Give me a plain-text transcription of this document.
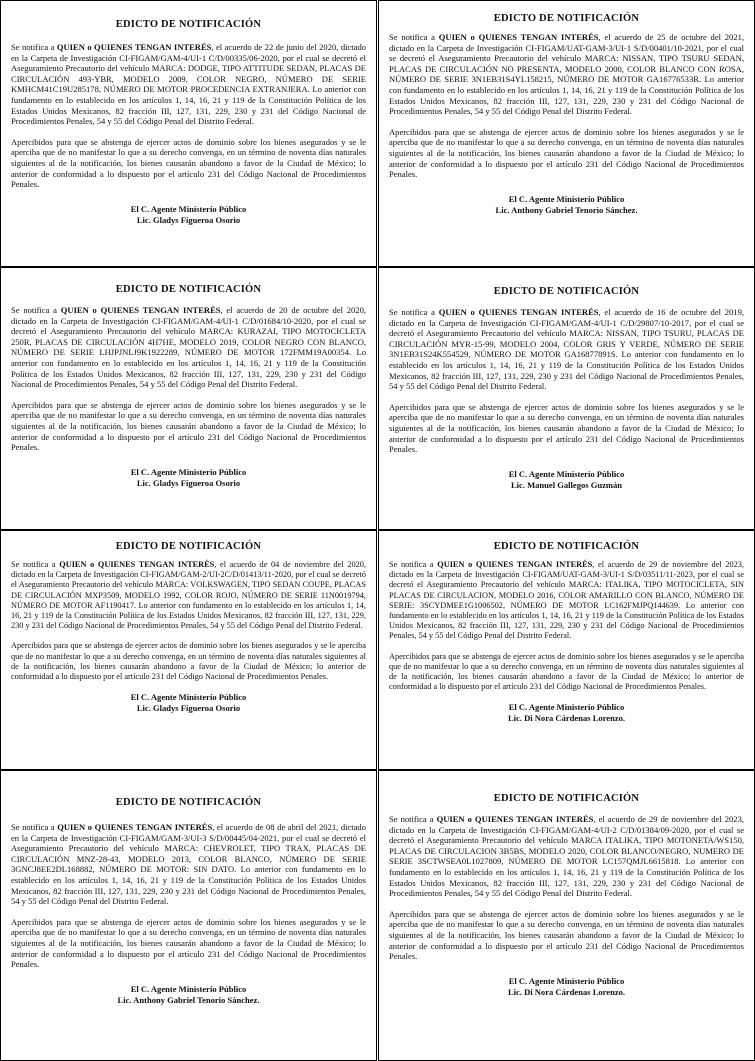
EDICTO DE NOTIFICACIÓN

Se notifica a QUIEN o QUIENES TENGAN INTERÉS, el acuerdo de 22 de junio del 2020, dictado en la Carpeta de Investigación CI-FIGAM/GAM-4/UI-1 C/D/00335/06-2020, por el cual se decretó el Aseguramiento Precautorio del vehículo MARCA: DODGE, TIPO ATTITUDE SEDAN, PLACAS DE CIRCULACIÓN 493-YBR, MODELO 2009, COLOR NEGRO, NÚMERO DE SERIE KMHCM41C19U285178, NÚMERO DE MOTOR PROCEDENCIA EXTRANJERA. Lo anterior con fundamento en lo establecido en los artículos 1, 14, 16, 21 y 119 de la Constitución Política de los Estados Unidos Mexicanos, 82 fracción III, 127, 131, 229, 230 y 231 del Código Nacional de Procedimientos Penales, 54 y 55 del Código Penal del Distrito Federal.

Apercibidos para que se abstenga de ejercer actos de dominio sobre los bienes asegurados y se le aperciba que de no manifestar lo que a su derecho convenga, en un término de noventa días naturales siguientes al de la notificación, los bienes causarán abandono a favor de la Ciudad de México; lo anterior de conformidad a lo dispuesto por el artículo 231 del Código Nacional de Procedimientos Penales.

El C. Agente Ministerio Público
Lic. Gladys Figueroa Osorio
EDICTO DE NOTIFICACIÓN

Se notifica a QUIEN o QUIENES TENGAN INTERÉS, el acuerdo de 25 de octubre del 2021, dictado en la Carpeta de Investigación CI-FIGAM/UAT-GAM-3/UI-1 S/D/00401/10-2021, por el cual se decretó el Aseguramiento Precautorio del vehículo MARCA: NISSAN, TIPO TSURU SEDAN, PLACAS DE CIRCULACIÓN NO PRESENTA, MODELO 2000, COLOR BLANCO CON ROSA, NÚMERO DE SERIE 3N1EB31S4YL158215, NÚMERO DE MOTOR GA16776533R. Lo anterior con fundamento en lo establecido en los artículos 1, 14, 16, 21 y 119 de la Constitución Política de los Estados Unidos Mexicanos, 82 fracción III, 127, 131, 229, 230 y 231 del Código Nacional de Procedimientos Penales, 54 y 55 del Código Penal del Distrito Federal.

Apercibidos para que se abstenga de ejercer actos de dominio sobre los bienes asegurados y se le aperciba que de no manifestar lo que a su derecho convenga, en un término de noventa días naturales siguientes al de la notificación, los bienes causarán abandono a favor de la Ciudad de México; lo anterior de conformidad a lo dispuesto por el artículo 231 del Código Nacional de Procedimientos Penales.

El C. Agente Ministerio Público
Lic. Anthony Gabriel Tenorio Sánchez.
EDICTO DE NOTIFICACIÓN

Se notifica a QUIEN o QUIENES TENGAN INTERÉS, el acuerdo de 20 de octubre del 2020, dictado en la Carpeta de Investigación CI-FIGAM/GAM-4/UI-1 C/D/01684/10-2020, por el cual se decretó el Aseguramiento Precautorio del vehículo MARCA: KURAZAI, TIPO MOTOCICLETA 250R, PLACAS DE CIRCULACIÓN 4H7HE, MODELO 2019, COLOR NEGRO CON BLANCO, NÚMERO DE SERIE LHJPJNLJ9K1922289, NÚMERO DE MOTOR 172FMM19A00354. Lo anterior con fundamento en lo establecido en los artículos 1, 14, 16, 21 y 119 de la Constitución Política de los Estados Unidos Mexicanos, 82 fracción III, 127, 131, 229, 230 y 231 del Código Nacional de Procedimientos Penales, 54 y 55 del Código Penal del Distrito Federal.

Apercibidos para que se abstenga de ejercer actos de dominio sobre los bienes asegurados y se le aperciba que de no manifestar lo que a su derecho convenga, en un término de noventa días naturales siguientes al de la notificación, los bienes causarán abandono a favor de la Ciudad de México; lo anterior de conformidad a lo dispuesto por el artículo 231 del Código Nacional de Procedimientos Penales.

El C. Agente Ministerio Público
Lic. Gladys Figueroa Osorio
EDICTO DE NOTIFICACIÓN

Se notifica a QUIEN o QUIENES TENGAN INTERÉS, el acuerdo de 16 de octubre del 2019, dictado en la Carpeta de Investigación CI-FIGAM/GAM-4/UI-1 C/D/29807/10-2017, por el cual se decretó el Aseguramiento Precautorio del vehículo MARCA: NISSAN, TIPO TSURU, PLACAS DE CIRCULACIÓN MYR-15-99, MODELO 2004, COLOR GRIS Y VERDE, NÚMERO DE SERIE 3N1EB31S24K554529, NÚMERO DE MOTOR GA16877891S. Lo anterior con fundamento en lo establecido en los artículos 1, 14, 16, 21 y 119 de la Constitución Política de los Estados Unidos Mexicanos, 82 fracción III, 127, 131, 229, 230 y 231 del Código Nacional de Procedimientos Penales, 54 y 55 del Código Penal del Distrito Federal.

Apercibidos para que se abstenga de ejercer actos de dominio sobre los bienes asegurados y se le aperciba que de no manifestar lo que a su derecho convenga, en un término de noventa días naturales siguientes al de la notificación, los bienes causarán abandono a favor de la Ciudad de México; lo anterior de conformidad a lo dispuesto por el artículo 231 del Código Nacional de Procedimientos Penales.

El C. Agente Ministerio Público
Lic. Manuel Gallegos Guzmán
EDICTO DE NOTIFICACIÓN

Se notifica a QUIEN o QUIENES TENGAN INTERÉS, el acuerdo de 04 de noviembre del 2020, dictado en la Carpeta de Investigación CI-FIGAM/GAM-2/UI-2C/D/01413/11-2020, por el cual se decretó el Aseguramiento Precautorio del vehículo MARCA: VOLKSWAGEN, TIPO SEDAN COUPE, PLACAS DE CIRCULACIÓN MXP3509, MODELO 1992, COLOR ROJO, NÚMERO DE SERIE 11N0019794, NÚMERO DE MOTOR AF1190417. Lo anterior con fundamento en lo establecido en los artículos 1, 14, 16, 21 y 119 de la Constitución Política de los Estados Unidos Mexicanos, 82 fracción III, 127, 131, 229, 230 y 231 del Código Nacional de Procedimientos Penales, 54 y 55 del Código Penal del Distrito Federal.

Apercibidos para que se abstenga de ejercer actos de dominio sobre los bienes asegurados y se le aperciba que de no manifestar lo que a su derecho convenga, en un término de noventa días naturales siguientes al de la notificación, los bienes causarán abandono a favor de la Ciudad de México; lo anterior de conformidad a lo dispuesto por el artículo 231 del Código Nacional de Procedimientos Penales.

El C. Agente Ministerio Público
Lic. Gladys Figueroa Osorio
EDICTO DE NOTIFICACIÓN

Se notifica a QUIEN o QUIENES TENGAN INTERÉS, el acuerdo de 29 de noviembre del 2023, dictado en la Carpeta de Investigación CI-FIGAM/UAT-GAM-3/UI-1 S/D/03511/11-2023, por el cual se decretó el Aseguramiento Precautorio del vehículo MARCA: ITALIKA, TIPO MOTOCICLETA, SIN PLACAS DE CIRCULACION, MODELO 2016, COLOR AMARILLO CON BLANCO, NÚMERO DE SERIE: 3SCYDMEE1G1006502, NÚMERO DE MOTOR LC162FMJPQ144639. Lo anterior con fundamento en lo establecido en los artículos 1, 14, 16, 21 y 119 de la Constitución Política de los Estados Unidos Mexicanos, 82 fracción III, 127, 131, 229, 230 y 231 del Código Nacional de Procedimientos Penales, 54 y 55 del Código Penal del Distrito Federal.

Apercibidos para que se abstenga de ejercer actos de dominio sobre los bienes asegurados y se le aperciba que de no manifestar lo que a su derecho convenga, en un término de noventa días naturales siguientes al de la notificación, los bienes causarán abandono a favor de la Ciudad de México; lo anterior de conformidad a lo dispuesto por el artículo 231 del Código Nacional de Procedimientos Penales.

El C. Agente Ministerio Público
Lic. Di Nora Cárdenas Lorenzo.
EDICTO DE NOTIFICACIÓN

Se notifica a QUIEN o QUIENES TENGAN INTERÉS, el acuerdo de 08 de abril del 2021, dictado en la Carpeta de Investigación CI-FIGAM/GAM-3/UI-3 S/D/00445/04-2021, por el cual se decretó el Aseguramiento Precautorio del vehículo MARCA: CHEVROLET, TIPO TRAX, PLACAS DE CIRCULACIÓN MNZ-28-43, MODELO 2013, COLOR BLANCO, NÚMERO DE SERIE 3GNCJ8EE2DL168882, NÚMERO DE MOTOR: SIN DATO. Lo anterior con fundamento en lo establecido en los artículos 1, 14, 16, 21 y 119 de la Constitución Política de los Estados Unidos Mexicanos, 82 fracción III, 127, 131, 229, 230 y 231 del Código Nacional de Procedimientos Penales, 54 y 55 del Código Penal del Distrito Federal.

Apercibidos para que se abstenga de ejercer actos de dominio sobre los bienes asegurados y se le aperciba que de no manifestar lo que a su derecho convenga, en un término de noventa días naturales siguientes al de la notificación, los bienes causarán abandono a favor de la Ciudad de México; lo anterior de conformidad a lo dispuesto por el artículo 231 del Código Nacional de Procedimientos Penales.

El C. Agente Ministerio Público
Lic. Anthony Gabriel Tenorio Sánchez.
EDICTO DE NOTIFICACIÓN

Se notifica a QUIEN o QUIENES TENGAN INTERÉS, el acuerdo de 29 de noviembre del 2023, dictado en la Carpeta de Investigación CI-FIGAM/GAM-4/UI-2 C/D/01384/09-2020, por el cual se decretó el Aseguramiento Precautorio del vehículo MARCA ITALIKA, TIPO MOTONETA/WS150, PLACAS DE CIRCULACION 3B5BS, MODELO 2020, COLOR BLANCO/NEGRO, NUMERO DE SERIE 3SCTWSEA0L1027809, NÚMERO DE MOTOR LC157QMJL6615818. Lo anterior con fundamento en lo establecido en los artículos 1, 14, 16, 21 y 119 de la Constitución Política de los Estados Unidos Mexicanos, 82 fracción III, 127, 131, 229, 230 y 231 del Código Nacional de Procedimientos Penales, 54 y 55 del Código Penal del Distrito Federal.

Apercibidos para que se abstenga de ejercer actos de dominio sobre los bienes asegurados y se le aperciba que de no manifestar lo que a su derecho convenga, en un término de noventa días naturales siguientes al de la notificación, los bienes causarán abandono a favor de la Ciudad de México; lo anterior de conformidad a lo dispuesto por el artículo 231 del Código Nacional de Procedimientos Penales.

El C. Agente Ministerio Público
Lic. Di Nora Cárdenas Lorenzo.
